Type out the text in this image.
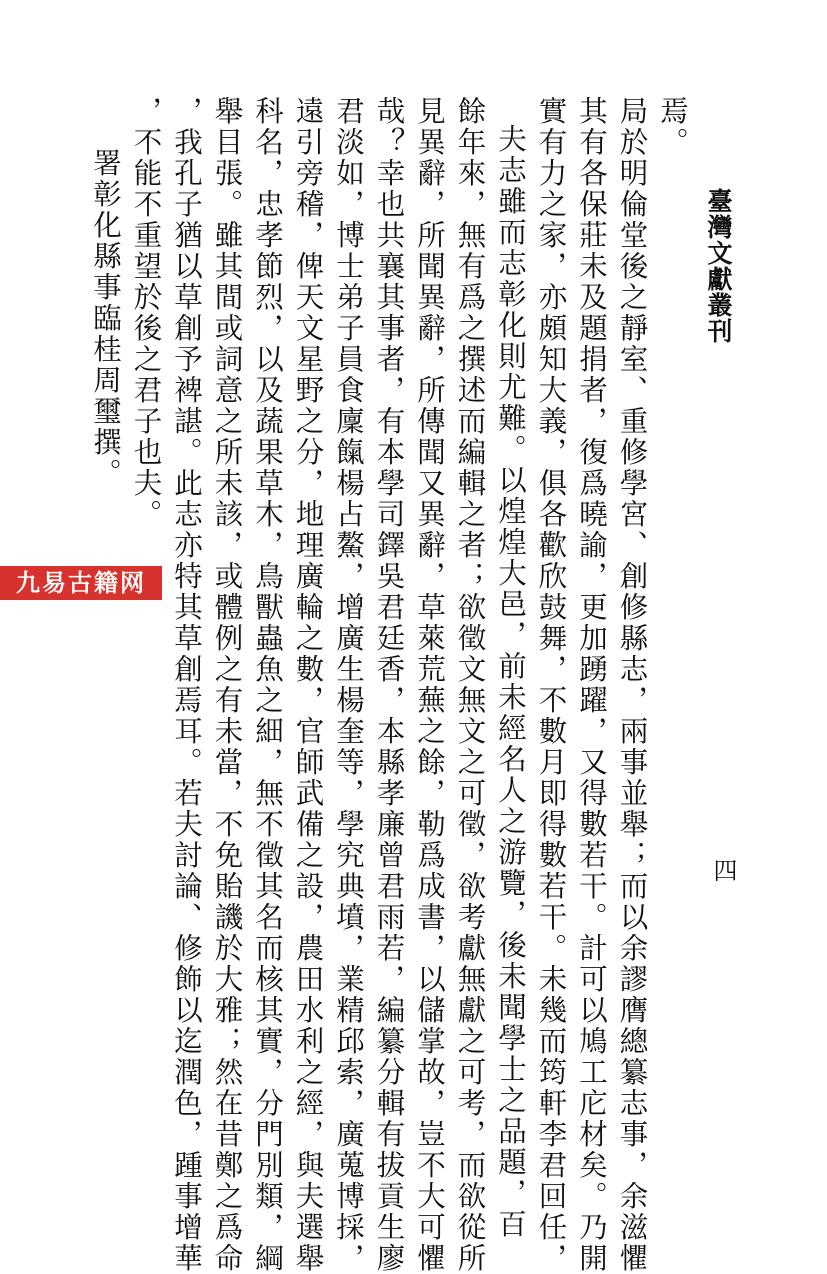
臺灣文獻叢刊
四
焉。
局於明倫堂後之靜室、重修學宮、創修縣志，兩事並舉；而以余謬膺總纂志事，余滋懼
其有各保莊未及題捐者，復爲曉諭，更加踴躍，又得數若干。計可以鳩工庀材矣。乃開
實有力之家，亦頗知大義，俱各歡欣鼓舞，不數月即得數若干。未幾而筠軒李君回任，
夫志雖而志彰化則尤難。以煌煌大邑，前未經名人之游覽，後未聞學士之品題，百
餘年來，無有爲之撰述而編輯之者；欲徵文無文之可徵，欲考獻無獻之可考，而欲從所
見異辭，所聞異辭，所傳聞又異辭，草萊荒蕪之餘，勒爲成書，以儲掌故，豈不大可懼
哉？幸也共襄其事者，有本學司鐸吳君廷香，本縣孝廉曾君雨若，編纂分輯有拔貢生廖
君淡如，博士弟子員食廩餼楊占鰲，增廣生楊奎等，學究典墳，業精邱索，廣蒐博採，
遠引旁稽，俾天文星野之分，地理廣輪之數，官師武備之設，農田水利之經，與夫選舉
科名，忠孝節烈，以及蔬果草木，鳥獸蟲魚之細，無不徵其名而核其實，分門別類，綱
舉目張。雖其間或詞意之所未該，或體例之有未當，不免貽譏於大雅；然在昔鄭之爲命
，我孔子猶以草創予裨諶。此志亦特其草創焉耳。若夫討論、修飾以迄潤色，踵事增華
，不能不重望於後之君子也夫。
署彰化縣事臨桂周璽撰。
九易古籍网
